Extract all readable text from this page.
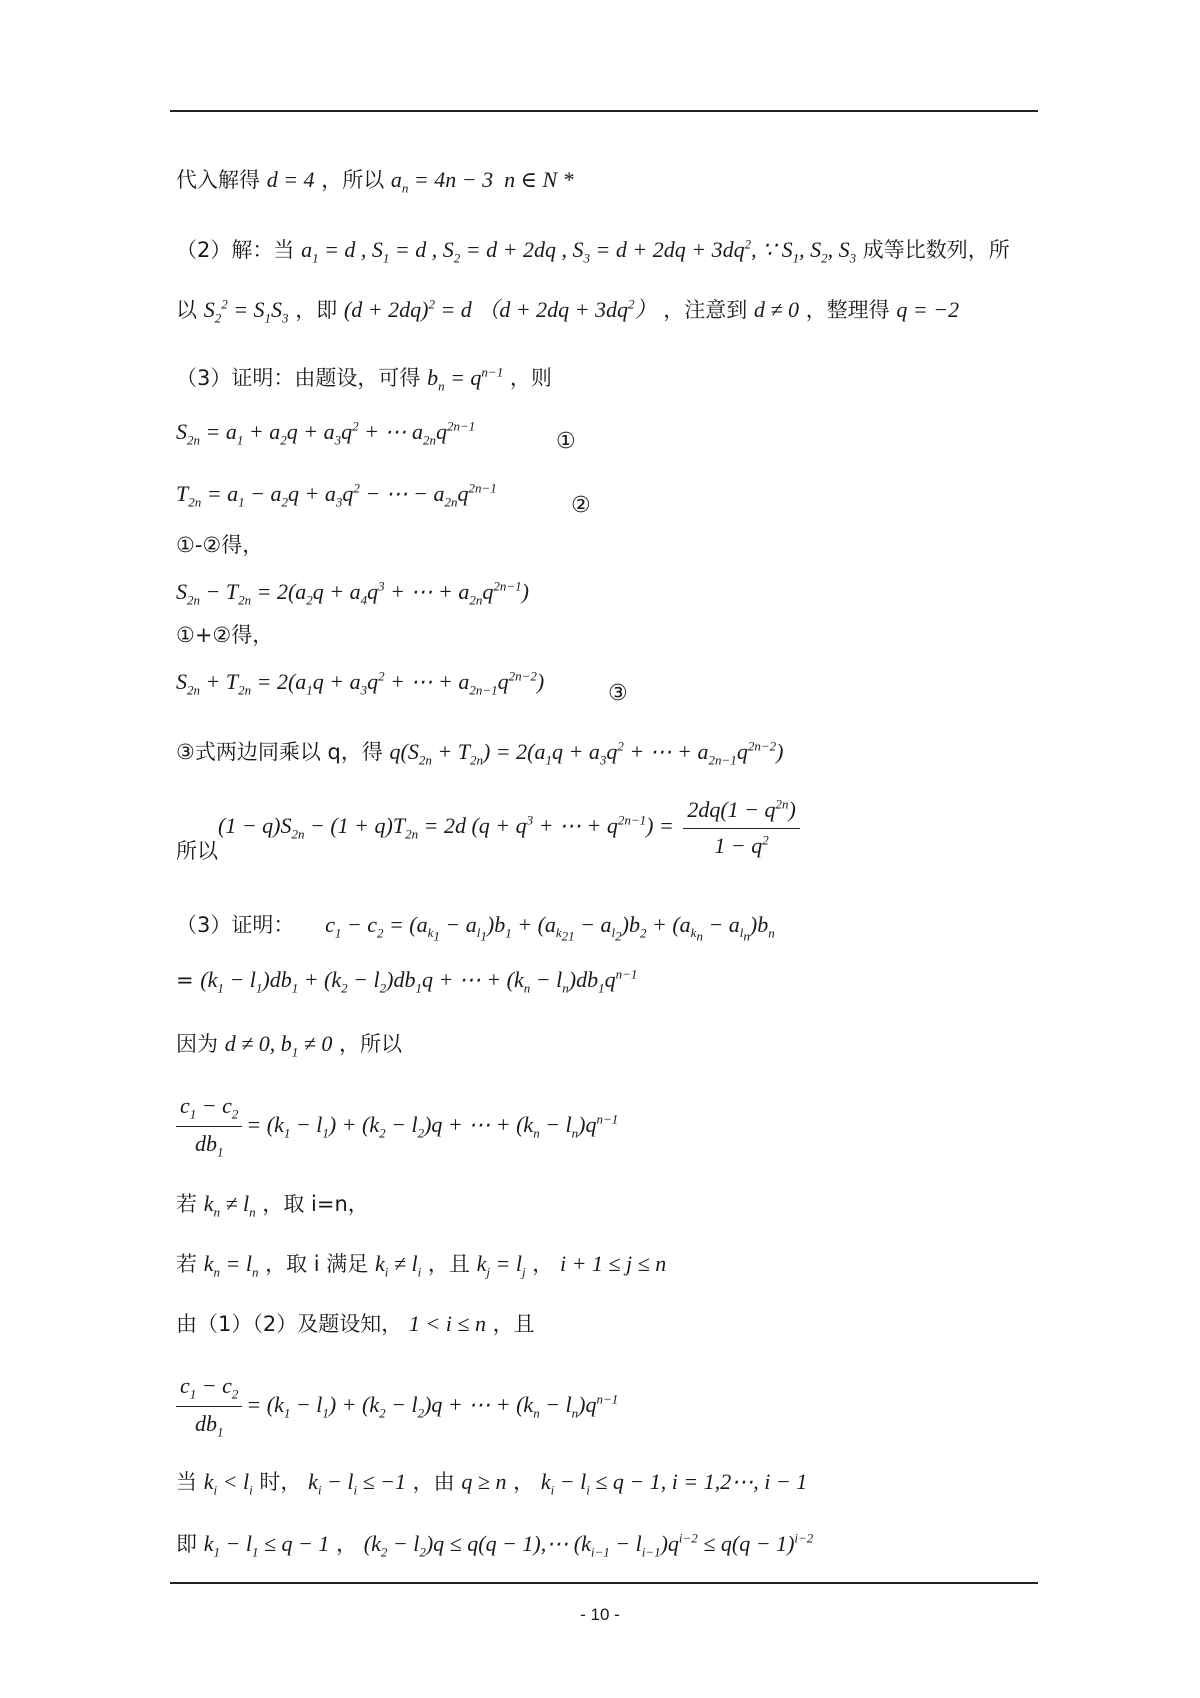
代入解得 d = 4 ，所以 $a_n = 4n - 3$  n ∈ N *
（2）解：当 $a_1 = d$ , $S_1 = d$ , $S_2 = d + 2dq$ , $S_3 = d + 2dq + 3dq^2$, ∵ $S_1$, $S_2$, $S_3$ 成等比数列，所
以 $S_2^2 = S_1S_3$ ，即 $(d + 2dq)^2 = d$ $(d + 2dq + 3dq^2)$ ，注意到 d ≠ 0 ，整理得 q = −2
（3）证明：由题设，可得 $b_n = q^{n-1}$ ，则
$S_{2n} = a_1 + a_2q + a_3q^2$ + ⋯ $a_{2n}q^{2n-1}$
①
$T_{2n} = a_1 - a_2q + a_3q^2$ − ⋯ − $a_{2n}q^{2n-1}$
②
①-②得，
$S_{2n} - T_{2n} = 2(a_2q + a_4q^3$ + ⋯ + $a_{2n}q^{2n-1}$)
①+②得，
$S_{2n} + T_{2n} = 2(a_1q + a_3q^2$ + ⋯ + $a_{2n-1}q^{2n-2}$)	③
③式两边同乘以 q，得 $q(S_{2n} + T_{2n}) = 2(a_1q + a_3q^2$ + ⋯ + $a_{2n-1}q^{2n-2}$)
$(1 - q)S_{2n} - (1 + q)T_{2n} = 2d$ ($q + q^3$ + ⋯ + $q^{2n-1}) = \frac{2dq(1 - q^{2n})}{1 - q^2}$
所以
（3）证明： $c_1 - c_2 = (a_{k_1} - a_{l_1})b_1 + (a_{k_{21}} - a_{l_2})b_2 + (a_{k_n} - a_{l_n})b_n$
= $(k_1 - l_1)db_1 + (k_2 - l_2)db_1q$ + ⋯ + $(k_n - l_n)db_1q^{n-1}$
因为 d ≠ 0, $b_1 \ne 0$ ，所以
$\frac{c_1 - c_2}{db_1} = (k_1 - l_1) + (k_2 - l_2)q$ + ⋯ + $(k_n - l_n)q^{n-1}$
若 $k_n \ne l_n$ ，取 i=n，
若 $k_n = l_n$ ，取 i 满足 $k_i \ne l_i$ ，且 $k_j = l_j$ ， i + 1 ≤ j ≤ n
由（1）（2）及题设知， 1 < i ≤ n ，且
$\frac{c_1 - c_2}{db_1} = (k_1 - l_1) + (k_2 - l_2)q$ + ⋯ + $(k_n - l_n)q^{n-1}$
当 $k_i < l_i$ 时， $k_i - l_i \le -1$ ，由 q ≥ n ， $k_i - l_i \le q - 1$, i = 1,2⋯, i − 1
即 $k_1 - l_1 \le q - 1$ ， $(k_2 - l_2)q \le q(q$ − 1),⋯ $(k_{i-1} - l_{i-1})q^{i-2} \le q(q - 1)^{i-2}$
- 10 -
